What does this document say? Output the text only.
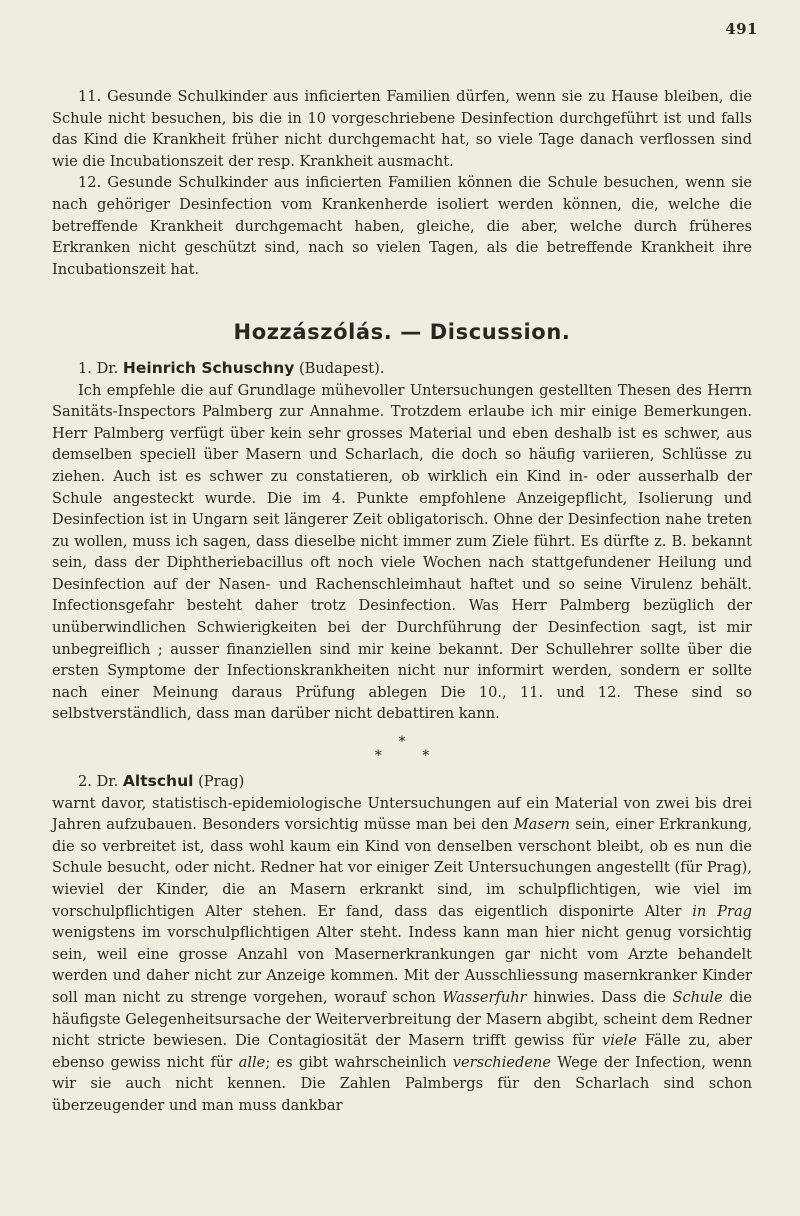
491

11. Gesunde Schulkinder aus inficierten Familien dürfen, wenn sie zu Hause bleiben, die Schule nicht besuchen, bis die in 10 vorgeschriebene Desinfection durchgeführt ist und falls das Kind die Krankheit früher nicht durchgemacht hat, so viele Tage danach verflossen sind wie die Incubationszeit der resp. Krankheit ausmacht.

12. Gesunde Schulkinder aus inficierten Familien können die Schule besuchen, wenn sie nach gehöriger Desinfection vom Krankenherde isoliert werden können, die, welche die betreffende Krankheit durchgemacht haben, gleiche, die aber, welche durch früheres Erkranken nicht geschützt sind, nach so vielen Tagen, als die betreffende Krankheit ihre Incubationszeit hat.

Hozzászólás. — Discussion.

1. Dr. Heinrich Schuschny (Budapest).

Ich empfehle die auf Grundlage mühevoller Untersuchungen gestellten Thesen des Herrn Sanitäts-Inspectors Palmberg zur Annahme. Trotzdem erlaube ich mir einige Bemerkungen. Herr Palmberg verfügt über kein sehr grosses Material und eben deshalb ist es schwer, aus demselben speciell über Masern und Scharlach, die doch so häufig variieren, Schlüsse zu ziehen. Auch ist es schwer zu constatieren, ob wirklich ein Kind in- oder ausserhalb der Schule angesteckt wurde. Die im 4. Punkte empfohlene Anzeigepflicht, Isolierung und Desinfection ist in Ungarn seit längerer Zeit obligatorisch. Ohne der Desinfection nahe treten zu wollen, muss ich sagen, dass dieselbe nicht immer zum Ziele führt. Es dürfte z. B. bekannt sein, dass der Diphtheriebacillus oft noch viele Wochen nach stattgefundener Heilung und Desinfection auf der Nasen- und Rachenschleimhaut haftet und so seine Virulenz behält. Infectionsgefahr besteht daher trotz Desinfection. Was Herr Palmberg bezüglich der unüberwindlichen Schwierigkeiten bei der Durchführung der Desinfection sagt, ist mir unbegreiflich ; ausser finanziellen sind mir keine bekannt. Der Schullehrer sollte über die ersten Symptome der Infectionskrankheiten nicht nur informirt werden, sondern er sollte nach einer Meinung daraus Prüfung ablegen Die 10., 11. und 12. These sind so selbstverständlich, dass man darüber nicht debattiren kann.

*
* *

2. Dr. Altschul (Prag)

warnt davor, statistisch-epidemiologische Untersuchungen auf ein Material von zwei bis drei Jahren aufzubauen. Besonders vorsichtig müsse man bei den Masern sein, einer Erkrankung, die so verbreitet ist, dass wohl kaum ein Kind von denselben verschont bleibt, ob es nun die Schule besucht, oder nicht. Redner hat vor einiger Zeit Untersuchungen angestellt (für Prag), wieviel der Kinder, die an Masern erkrankt sind, im schulpflichtigen, wie viel im vorschulpflichtigen Alter stehen. Er fand, dass das eigentlich disponirte Alter in Prag wenigstens im vorschulpflichtigen Alter steht. Indess kann man hier nicht genug vorsichtig sein, weil eine grosse Anzahl von Masernerkrankungen gar nicht vom Arzte behandelt werden und daher nicht zur Anzeige kommen. Mit der Ausschliessung masernkranker Kinder soll man nicht zu strenge vorgehen, worauf schon Wasserfuhr hinwies. Dass die Schule die häufigste Gelegenheitsursache der Weiterverbreitung der Masern abgibt, scheint dem Redner nicht stricte bewiesen. Die Contagiosität der Masern trifft gewiss für viele Fälle zu, aber ebenso gewiss nicht für alle; es gibt wahrscheinlich verschiedene Wege der Infection, wenn wir sie auch nicht kennen. Die Zahlen Palmbergs für den Scharlach sind schon überzeugender und man muss dankbar
